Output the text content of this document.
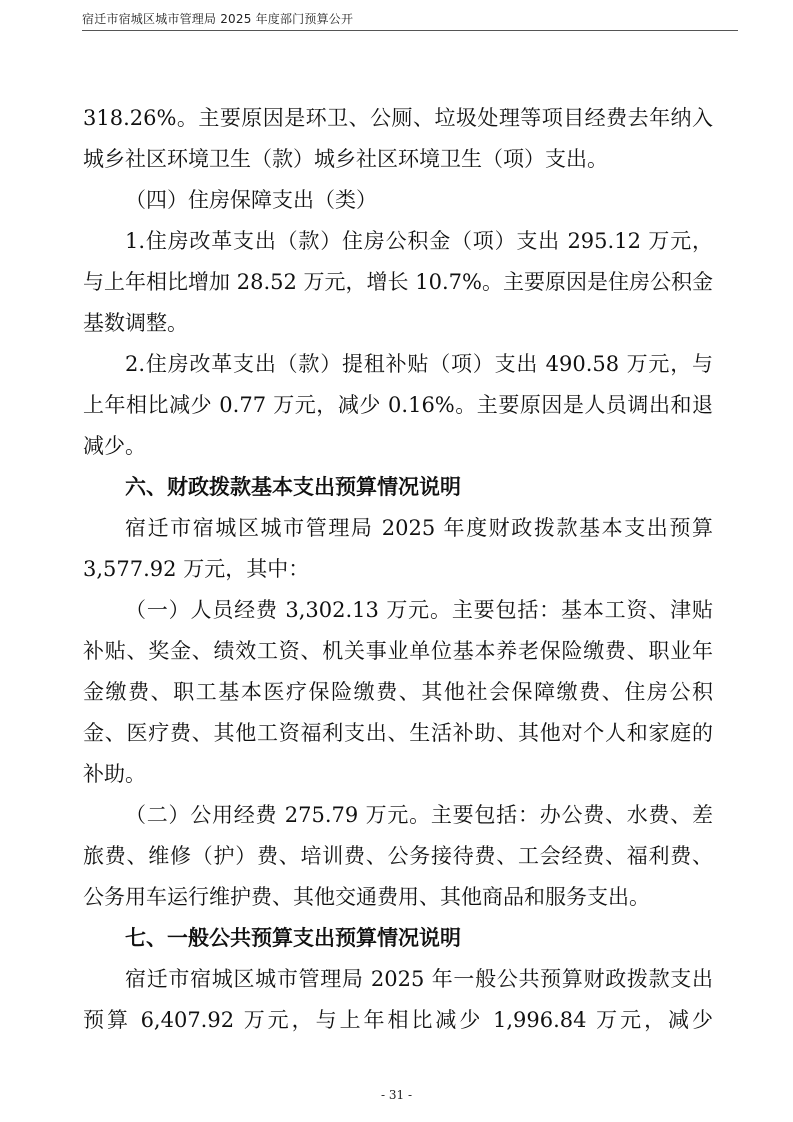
宿迁市宿城区城市管理局 2025 年度部门预算公开
318.26%。主要原因是环卫、公厕、垃圾处理等项目经费去年纳入
城乡社区环境卫生（款）城乡社区环境卫生（项）支出。
（四）住房保障支出（类）
1.住房改革支出（款）住房公积金（项）支出 295.12 万元，
与上年相比增加 28.52 万元，增长 10.7%。主要原因是住房公积金
基数调整。
2.住房改革支出（款）提租补贴（项）支出 490.58 万元，与
上年相比减少 0.77 万元，减少 0.16%。主要原因是人员调出和退
减少。
六、财政拨款基本支出预算情况说明
宿迁市宿城区城市管理局 2025 年度财政拨款基本支出预算
3,577.92 万元，其中：
（一）人员经费 3,302.13 万元。主要包括：基本工资、津贴
补贴、奖金、绩效工资、机关事业单位基本养老保险缴费、职业年
金缴费、职工基本医疗保险缴费、其他社会保障缴费、住房公积
金、医疗费、其他工资福利支出、生活补助、其他对个人和家庭的
补助。
（二）公用经费 275.79 万元。主要包括：办公费、水费、差
旅费、维修（护）费、培训费、公务接待费、工会经费、福利费、
公务用车运行维护费、其他交通费用、其他商品和服务支出。
七、一般公共预算支出预算情况说明
宿迁市宿城区城市管理局 2025 年一般公共预算财政拨款支出
预算 6,407.92 万元，与上年相比减少 1,996.84 万元，减少
- 31 -
